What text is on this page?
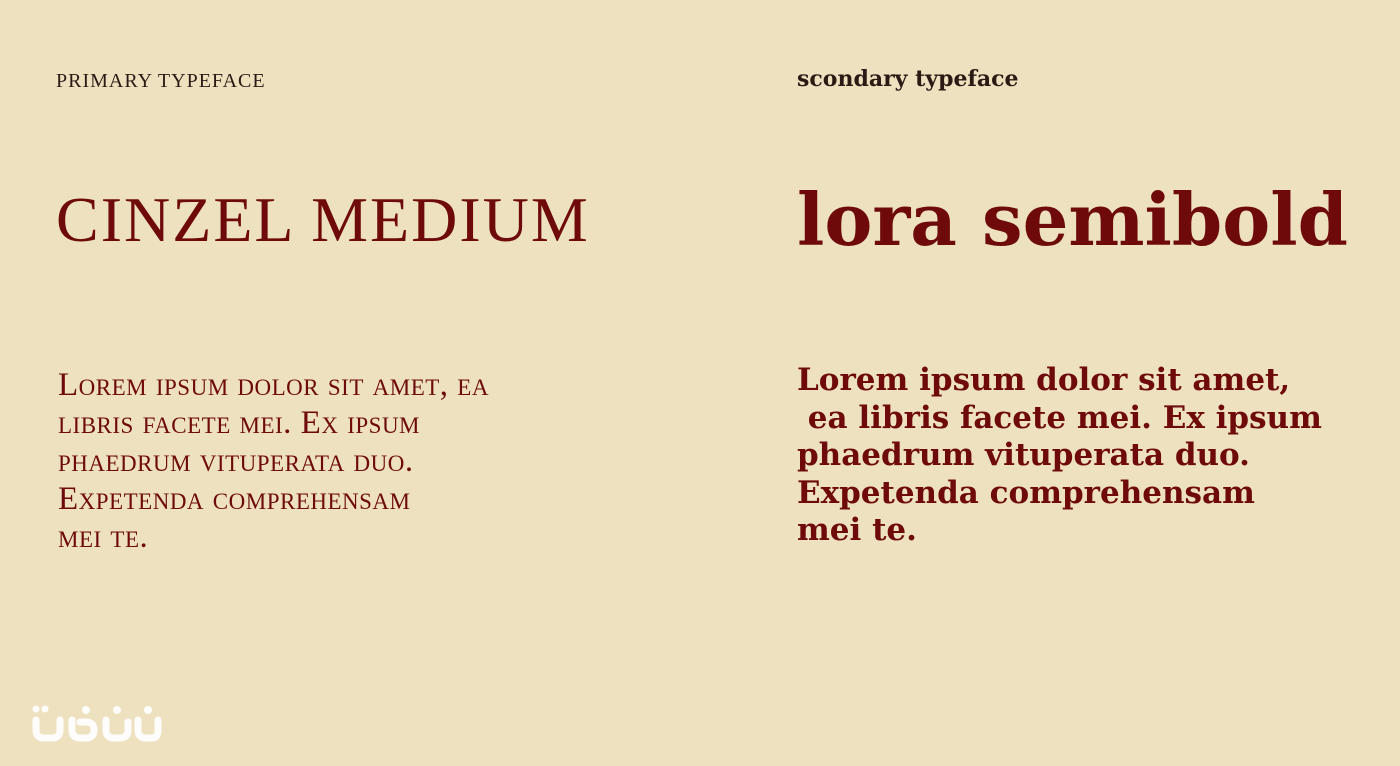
PRIMARY TYPEFACE
CINZEL MEDIUM
Lorem ipsum dolor sit amet, ea
libris facete mei. Ex ipsum
phaedrum vituperata duo.
Expetenda comprehensam
mei te.
scondary typeface
lora semibold
Lorem ipsum dolor sit amet,
ea libris facete mei. Ex ipsum
phaedrum vituperata duo.
Expetenda comprehensam
mei te.
